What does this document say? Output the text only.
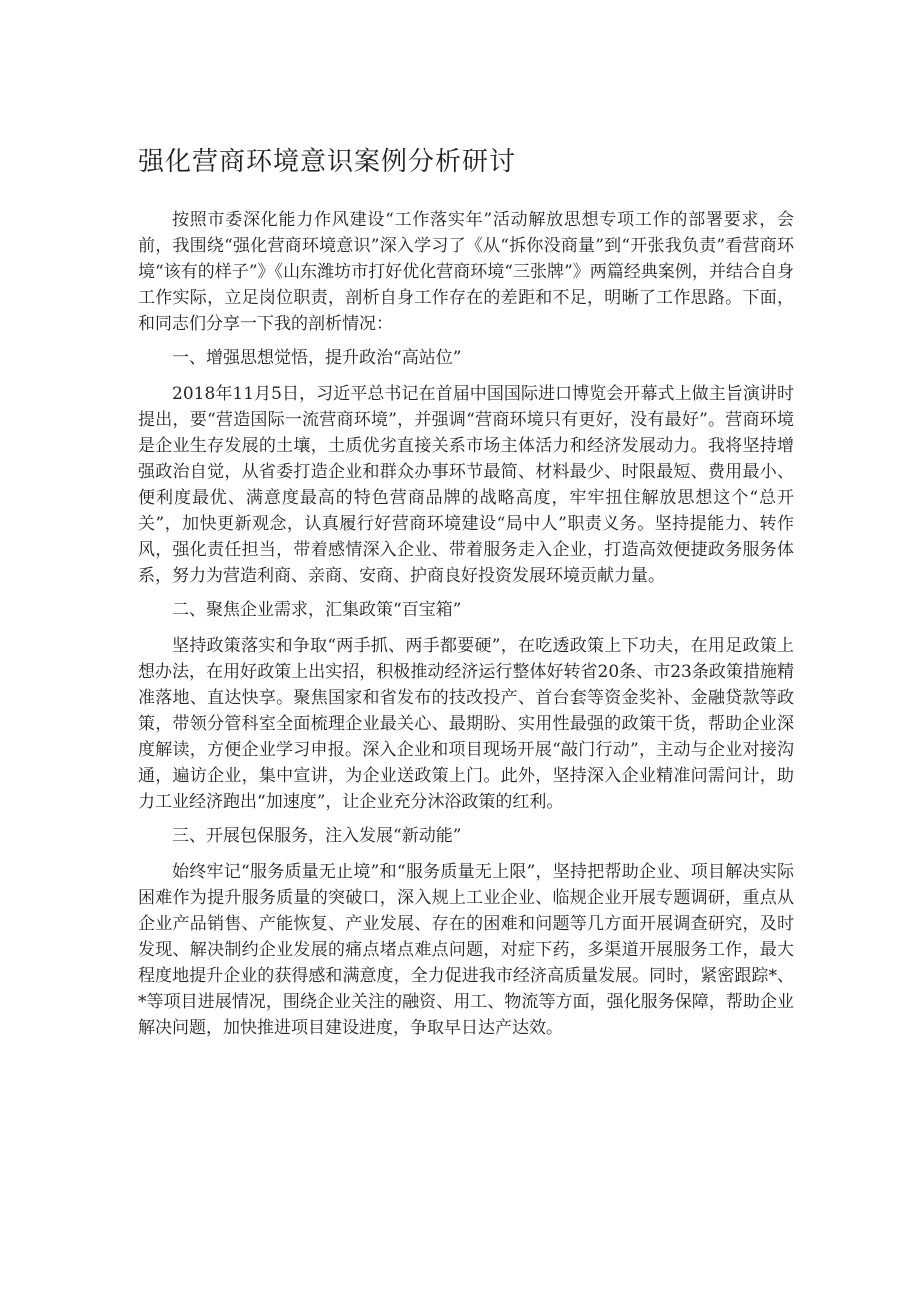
强化营商环境意识案例分析研讨

按照市委深化能力作风建设“工作落实年”活动解放思想专项工作的部署要求，会前，我围绕“强化营商环境意识”深入学习了《从“拆你没商量”到“开张我负责”看营商环境“该有的样子”》《山东潍坊市打好优化营商环境“三张牌”》两篇经典案例，并结合自身工作实际，立足岗位职责，剖析自身工作存在的差距和不足，明晰了工作思路。下面，和同志们分享一下我的剖析情况：

一、增强思想觉悟，提升政治“高站位”

2018年11月5日，习近平总书记在首届中国国际进口博览会开幕式上做主旨演讲时提出，要“营造国际一流营商环境”，并强调“营商环境只有更好，没有最好”。营商环境是企业生存发展的土壤，土质优劣直接关系市场主体活力和经济发展动力。我将坚持增强政治自觉，从省委打造企业和群众办事环节最简、材料最少、时限最短、费用最小、便利度最优、满意度最高的特色营商品牌的战略高度，牢牢扭住解放思想这个“总开关”，加快更新观念，认真履行好营商环境建设“局中人”职责义务。坚持提能力、转作风，强化责任担当，带着感情深入企业、带着服务走入企业，打造高效便捷政务服务体系，努力为营造利商、亲商、安商、护商良好投资发展环境贡献力量。

二、聚焦企业需求，汇集政策“百宝箱”

坚持政策落实和争取“两手抓、两手都要硬”，在吃透政策上下功夫，在用足政策上想办法，在用好政策上出实招，积极推动经济运行整体好转省20条、市23条政策措施精准落地、直达快享。聚焦国家和省发布的技改投产、首台套等资金奖补、金融贷款等政策，带领分管科室全面梳理企业最关心、最期盼、实用性最强的政策干货，帮助企业深度解读，方便企业学习申报。深入企业和项目现场开展“敲门行动”，主动与企业对接沟通，遍访企业，集中宣讲，为企业送政策上门。此外，坚持深入企业精准问需问计，助力工业经济跑出“加速度”，让企业充分沐浴政策的红利。

三、开展包保服务，注入发展“新动能”

始终牢记“服务质量无止境”和“服务质量无上限”，坚持把帮助企业、项目解决实际困难作为提升服务质量的突破口，深入规上工业企业、临规企业开展专题调研，重点从企业产品销售、产能恢复、产业发展、存在的困难和问题等几方面开展调查研究，及时发现、解决制约企业发展的痛点堵点难点问题，对症下药，多渠道开展服务工作，最大程度地提升企业的获得感和满意度，全力促进我市经济高质量发展。同时，紧密跟踪*、*等项目进展情况，围绕企业关注的融资、用工、物流等方面，强化服务保障，帮助企业解决问题，加快推进项目建设进度，争取早日达产达效。
